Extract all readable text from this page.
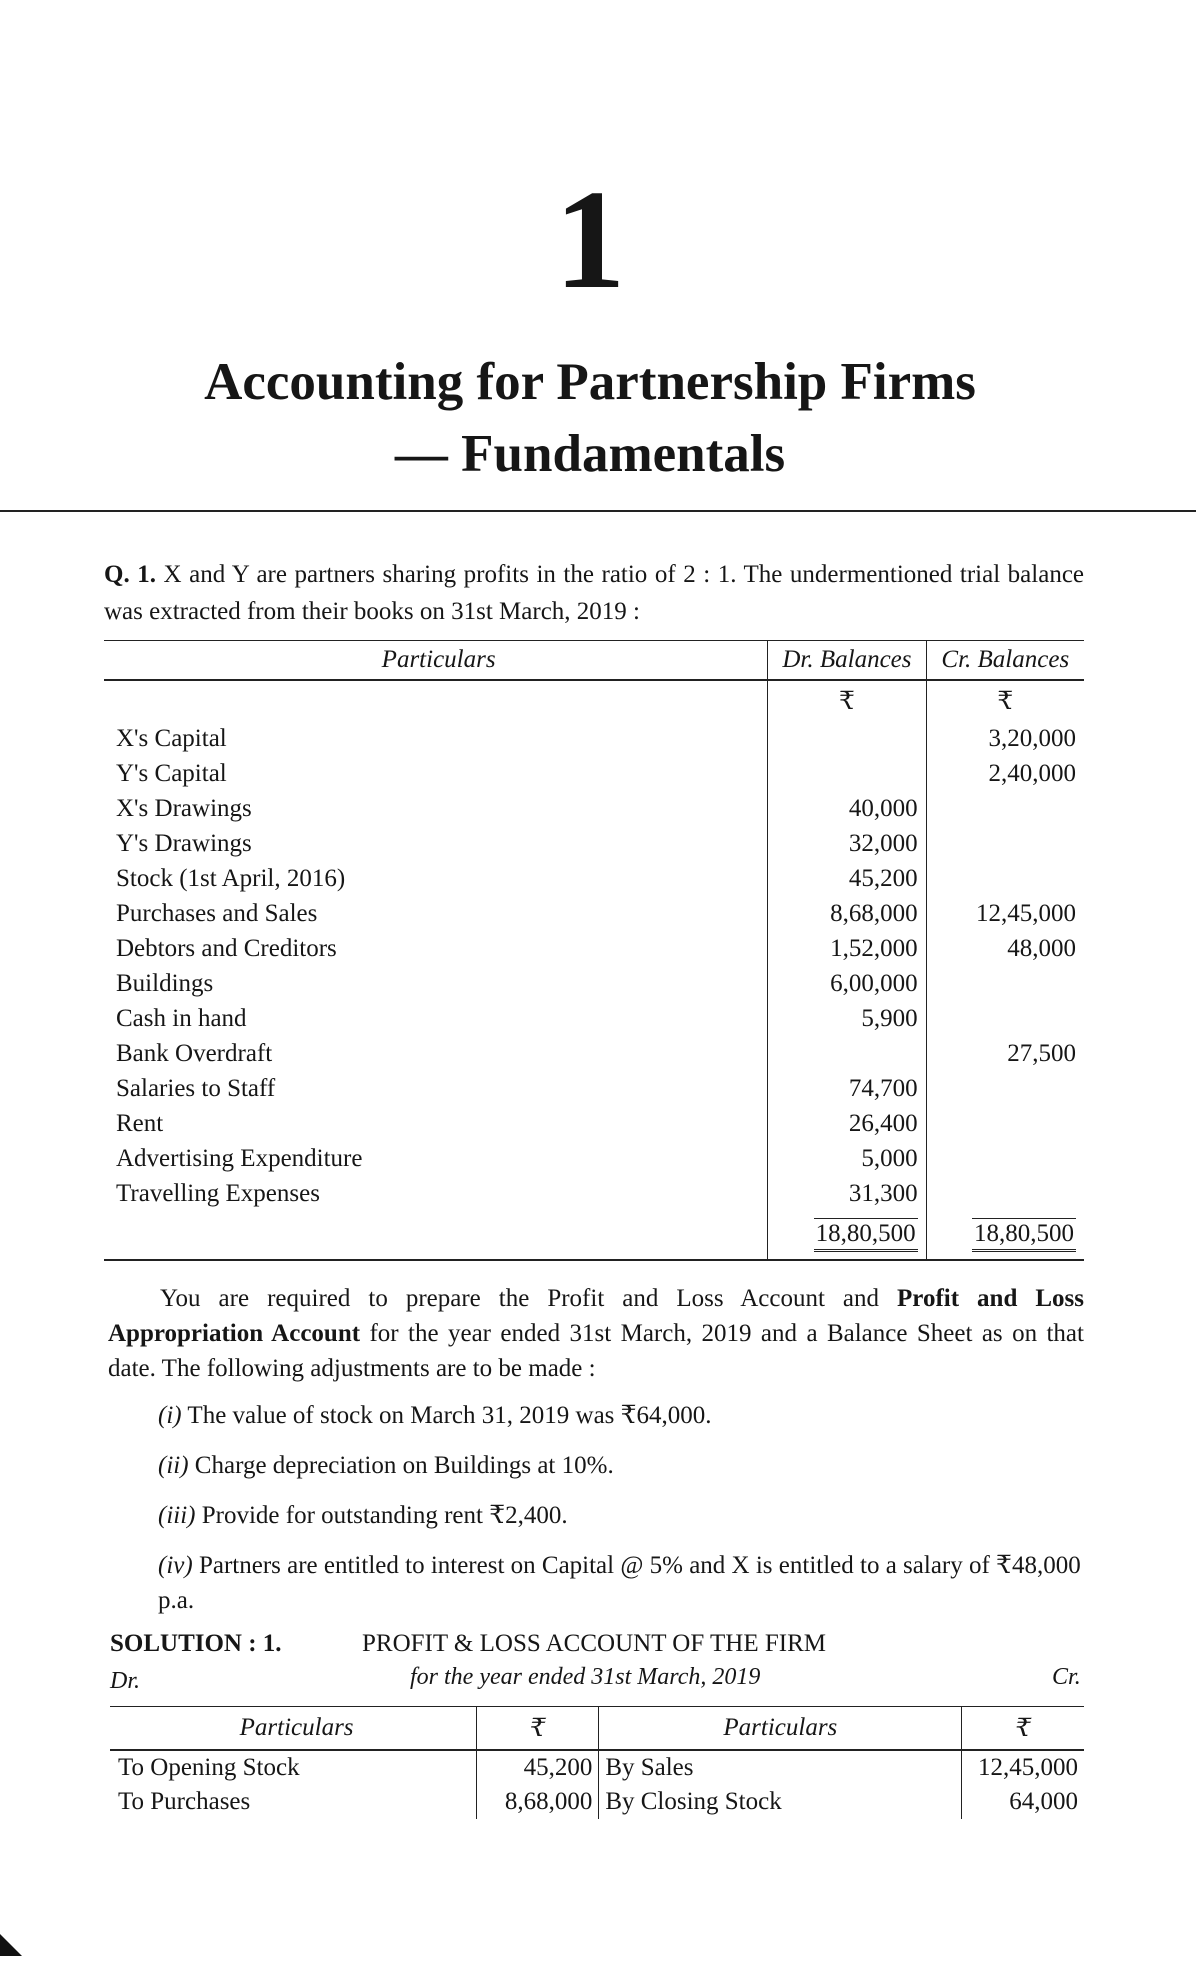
1
Accounting for Partnership Firms
— Fundamentals
Q. 1. X and Y are partners sharing profits in the ratio of 2 : 1. The undermentioned trial balance was extracted from their books on 31st March, 2019 :
Particulars	Dr. Balances	Cr. Balances
	₹	₹
X's Capital		3,20,000
Y's Capital		2,40,000
X's Drawings	40,000	
Y's Drawings	32,000	
Stock (1st April, 2016)	45,200	
Purchases and Sales	8,68,000	12,45,000
Debtors and Creditors	1,52,000	48,000
Buildings	6,00,000	
Cash in hand	5,900	
Bank Overdraft		27,500
Salaries to Staff	74,700	
Rent	26,400	
Advertising Expenditure	5,000	
Travelling Expenses	31,300	
	18,80,500	18,80,500
You are required to prepare the Profit and Loss Account and Profit and Loss Appropriation Account for the year ended 31st March, 2019 and a Balance Sheet as on that date. The following adjustments are to be made :
(i) The value of stock on March 31, 2019 was ₹64,000.
(ii) Charge depreciation on Buildings at 10%.
(iii) Provide for outstanding rent ₹2,400.
(iv) Partners are entitled to interest on Capital @ 5% and X is entitled to a salary of ₹48,000 p.a.
SOLUTION : 1.	PROFIT & LOSS ACCOUNT OF THE FIRM
Dr.	for the year ended 31st March, 2019	Cr.
Particulars	₹	Particulars	₹
To Opening Stock	45,200	By Sales	12,45,000
To Purchases	8,68,000	By Closing Stock	64,000
